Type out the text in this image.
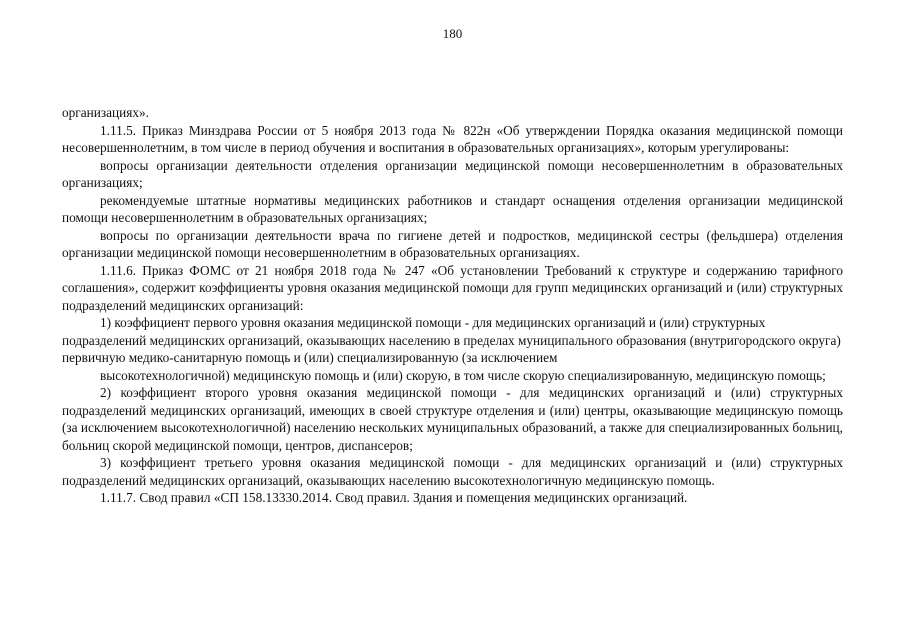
180

организациях».

1.11.5. Приказ Минздрава России от 5 ноября 2013 года № 822н «Об утверждении Порядка оказания медицинской помощи несовершеннолетним, в том числе в период обучения и воспитания в образовательных организациях», которым урегулированы:

вопросы организации деятельности отделения организации медицинской помощи несовершеннолетним в образовательных организациях;

рекомендуемые штатные нормативы медицинских работников и стандарт оснащения отделения организации медицинской помощи несовершеннолетним в образовательных организациях;

вопросы по организации деятельности врача по гигиене детей и подростков, медицинской сестры (фельдшера) отделения организации медицинской помощи несовершеннолетним в образовательных организациях.

1.11.6. Приказ ФОМС от 21 ноября 2018 года № 247 «Об установлении Требований к структуре и содержанию тарифного соглашения», содержит коэффициенты уровня оказания медицинской помощи для групп медицинских организаций и (или) структурных подразделений медицинских организаций:

1) коэффициент первого уровня оказания медицинской помощи - для медицинских организаций и (или) структурных подразделений медицинских организаций, оказывающих населению в пределах муниципального образования (внутригородского округа) первичную медико-санитарную помощь и (или) специализированную (за исключением

высокотехнологичной) медицинскую помощь и (или) скорую, в том числе скорую специализированную, медицинскую помощь;

2) коэффициент второго уровня оказания медицинской помощи - для медицинских организаций и (или) структурных подразделений медицинских организаций, имеющих в своей структуре отделения и (или) центры, оказывающие медицинскую помощь (за исключением высокотехнологичной) населению нескольких муниципальных образований, а также для специализированных больниц, больниц скорой медицинской помощи, центров, диспансеров;

3) коэффициент третьего уровня оказания медицинской помощи - для медицинских организаций и (или) структурных подразделений медицинских организаций, оказывающих населению высокотехнологичную медицинскую помощь.

1.11.7. Свод правил «СП 158.13330.2014. Свод правил. Здания и помещения медицинских организаций.
